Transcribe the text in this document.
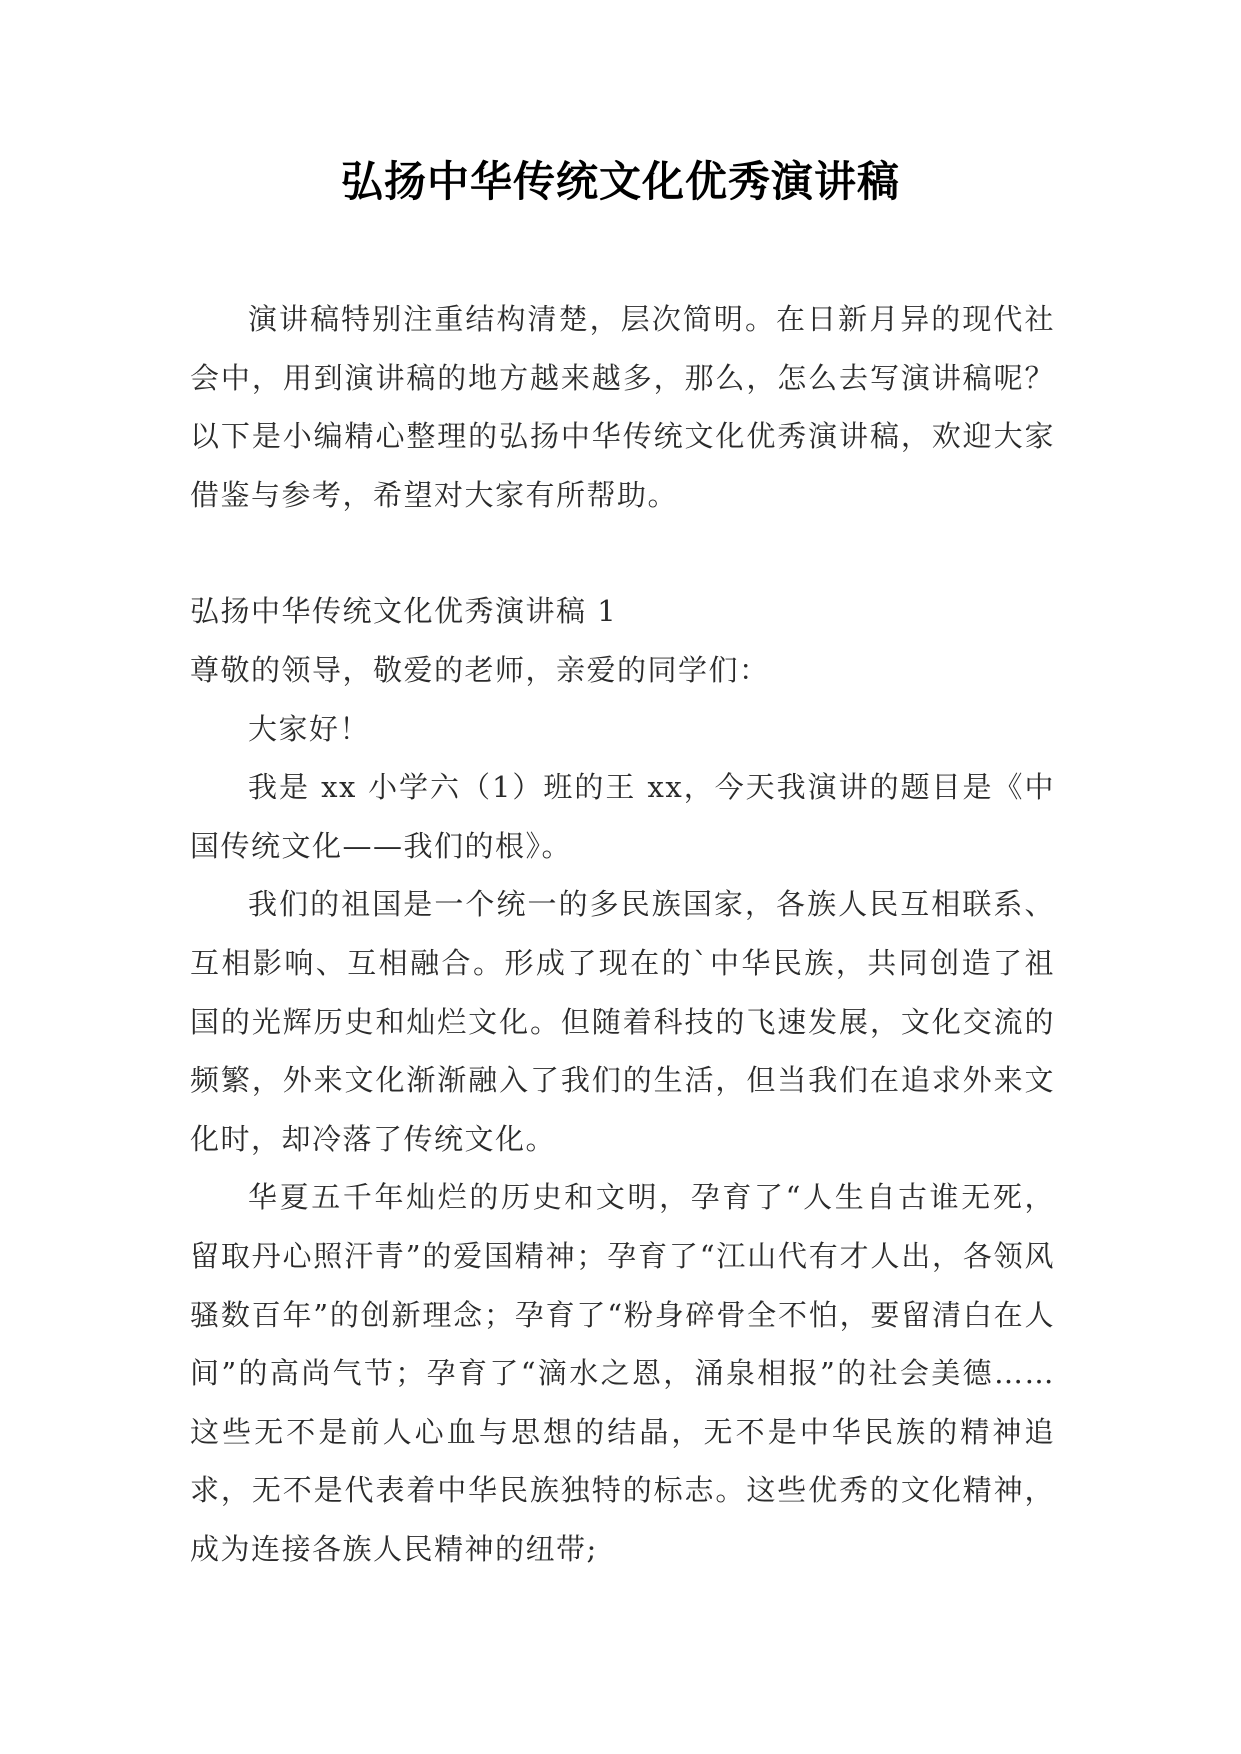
弘扬中华传统文化优秀演讲稿

演讲稿特别注重结构清楚，层次简明。在日新月异的现代社会中，用到演讲稿的地方越来越多，那么，怎么去写演讲稿呢？以下是小编精心整理的弘扬中华传统文化优秀演讲稿，欢迎大家借鉴与参考，希望对大家有所帮助。

弘扬中华传统文化优秀演讲稿 1

尊敬的领导，敬爱的老师，亲爱的同学们：

大家好！

我是 xx 小学六（1）班的王 xx，今天我演讲的题目是《中国传统文化——我们的根》。

我们的祖国是一个统一的多民族国家，各族人民互相联系、互相影响、互相融合。形成了现在的`中华民族，共同创造了祖国的光辉历史和灿烂文化。但随着科技的飞速发展，文化交流的频繁，外来文化渐渐融入了我们的生活，但当我们在追求外来文化时，却冷落了传统文化。

华夏五千年灿烂的历史和文明，孕育了“人生自古谁无死，留取丹心照汗青”的爱国精神；孕育了“江山代有才人出，各领风骚数百年”的创新理念；孕育了“粉身碎骨全不怕，要留清白在人间”的高尚气节；孕育了“滴水之恩，涌泉相报”的社会美德……这些无不是前人心血与思想的结晶，无不是中华民族的精神追求，无不是代表着中华民族独特的标志。这些优秀的文化精神，成为连接各族人民精神的纽带;
